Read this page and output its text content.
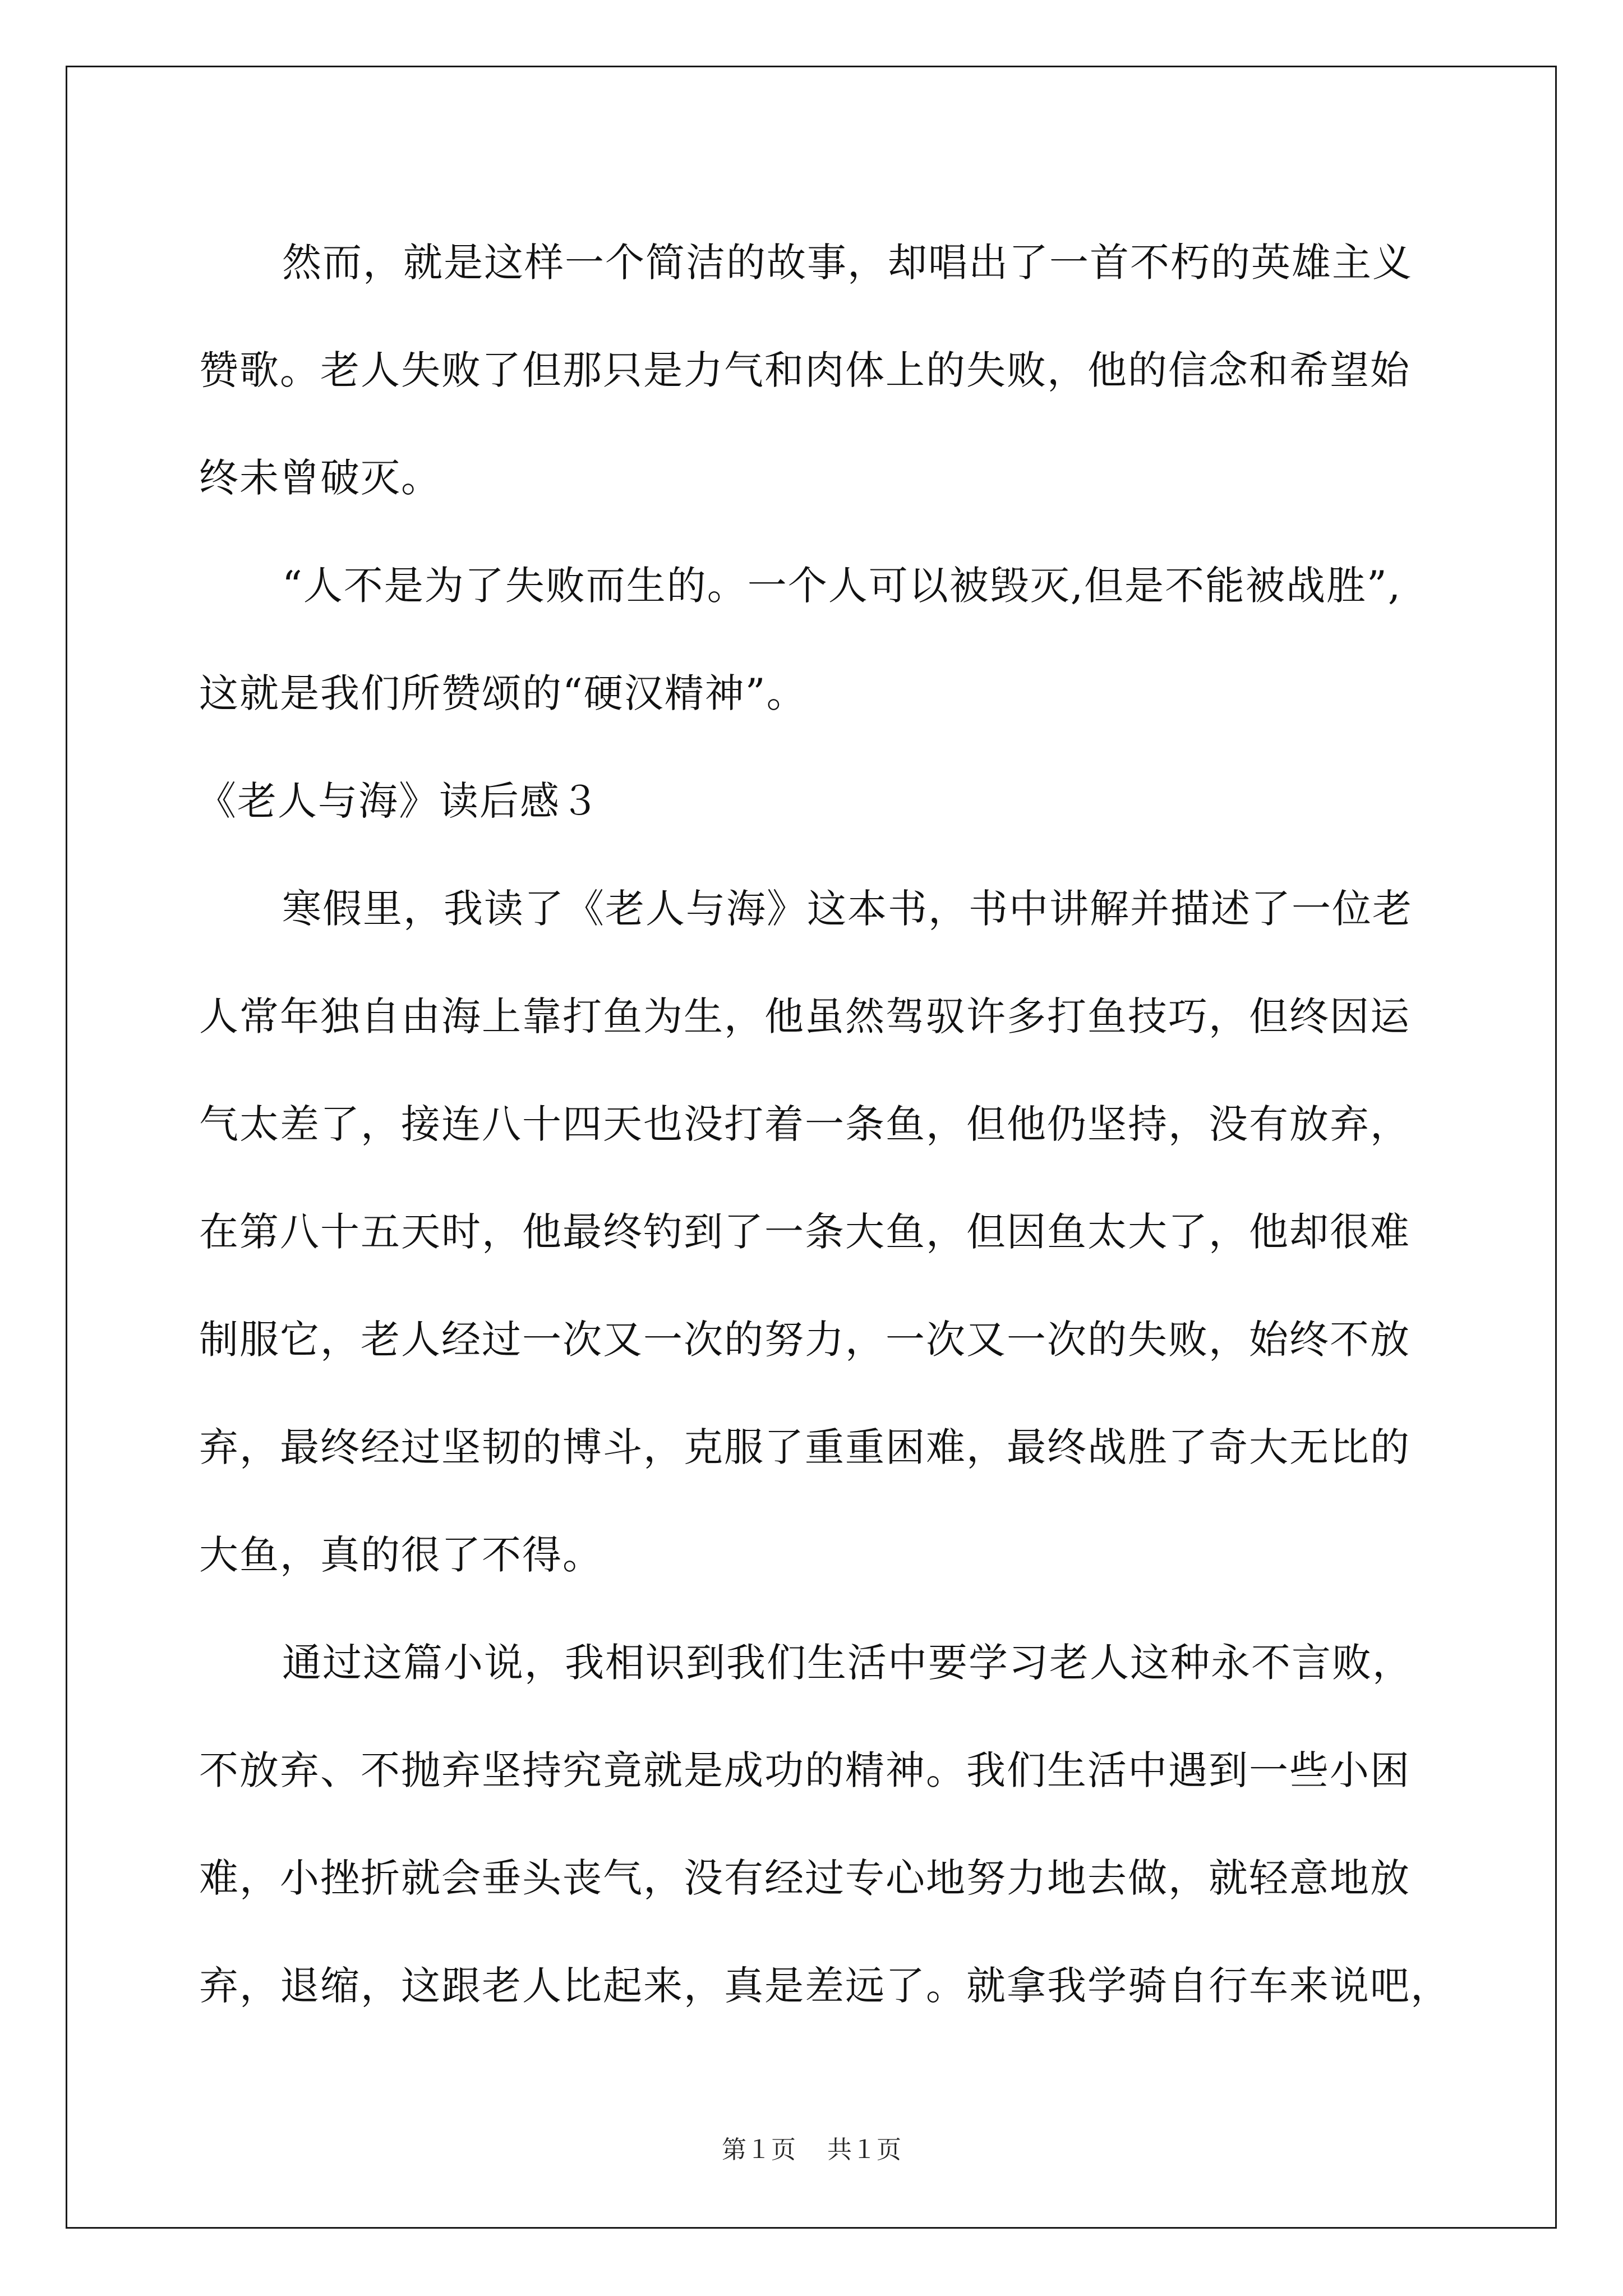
然而，就是这样一个简洁的故事，却唱出了一首不朽的英雄主义
赞歌。老人失败了但那只是力气和肉体上的失败，他的信念和希望始
终未曾破灭。
“人不是为了失败而生的。一个人可以被毁灭,但是不能被战胜”,
这就是我们所赞颂的“硬汉精神”。
《老人与海》读后感３
寒假里，我读了《老人与海》这本书，书中讲解并描述了一位老
人常年独自由海上靠打鱼为生，他虽然驾驭许多打鱼技巧，但终因运
气太差了，接连八十四天也没打着一条鱼，但他仍坚持，没有放弃，
在第八十五天时，他最终钓到了一条大鱼，但因鱼太大了，他却很难
制服它，老人经过一次又一次的努力，一次又一次的失败，始终不放
弃，最终经过坚韧的博斗，克服了重重困难，最终战胜了奇大无比的
大鱼，真的很了不得。
通过这篇小说，我相识到我们生活中要学习老人这种永不言败，
不放弃、不抛弃坚持究竟就是成功的精神。我们生活中遇到一些小困
难，小挫折就会垂头丧气，没有经过专心地努力地去做，就轻意地放
弃，退缩，这跟老人比起来，真是差远了。就拿我学骑自行车来说吧，
第１页 共１页
